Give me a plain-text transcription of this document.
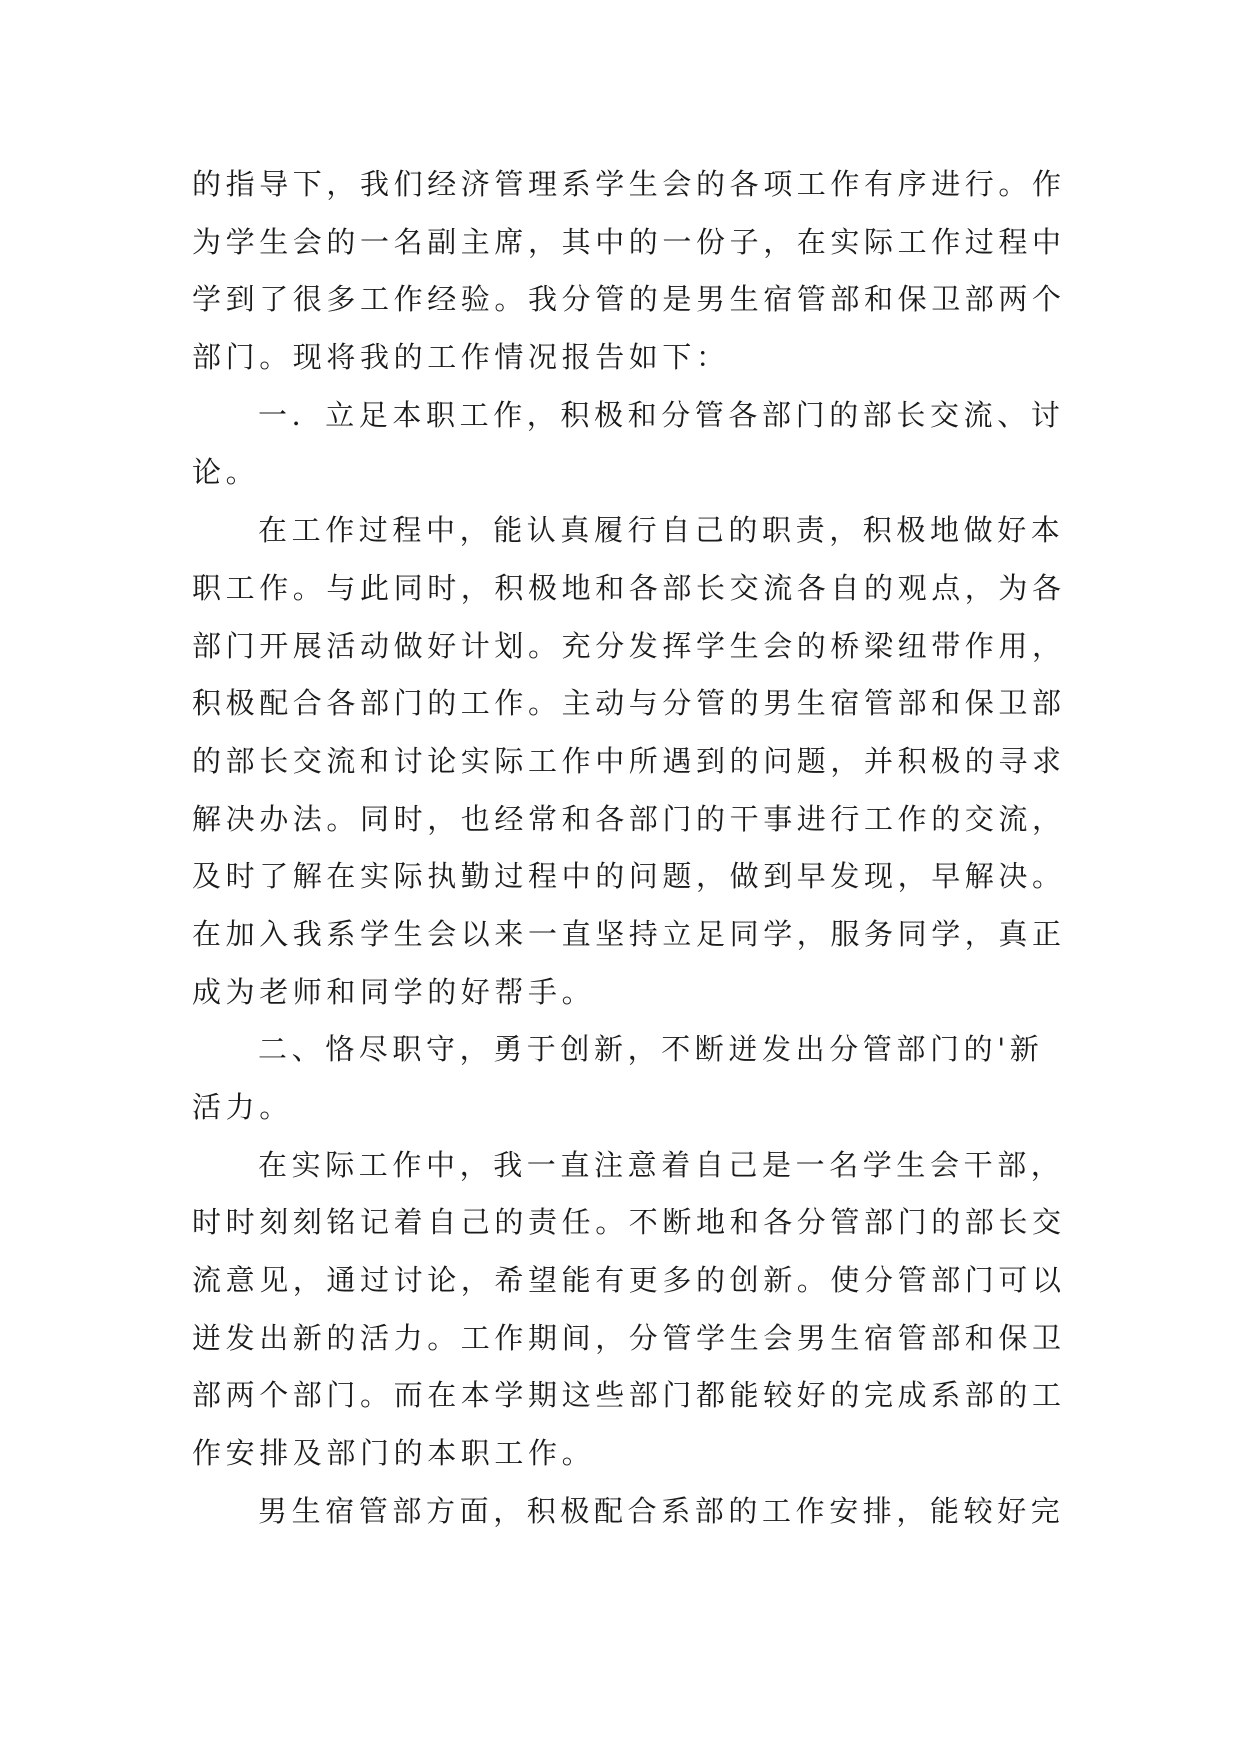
的指导下，我们经济管理系学生会的各项工作有序进行。作
为学生会的一名副主席，其中的一份子，在实际工作过程中
学到了很多工作经验。我分管的是男生宿管部和保卫部两个
部门。现将我的工作情况报告如下：
一．立足本职工作，积极和分管各部门的部长交流、讨
论。
在工作过程中，能认真履行自己的职责，积极地做好本
职工作。与此同时，积极地和各部长交流各自的观点，为各
部门开展活动做好计划。充分发挥学生会的桥梁纽带作用，
积极配合各部门的工作。主动与分管的男生宿管部和保卫部
的部长交流和讨论实际工作中所遇到的问题，并积极的寻求
解决办法。同时，也经常和各部门的干事进行工作的交流，
及时了解在实际执勤过程中的问题，做到早发现，早解决。
在加入我系学生会以来一直坚持立足同学，服务同学，真正
成为老师和同学的好帮手。
二、恪尽职守，勇于创新，不断迸发出分管部门的'新
活力。
在实际工作中，我一直注意着自己是一名学生会干部，
时时刻刻铭记着自己的责任。不断地和各分管部门的部长交
流意见，通过讨论，希望能有更多的创新。使分管部门可以
迸发出新的活力。工作期间，分管学生会男生宿管部和保卫
部两个部门。而在本学期这些部门都能较好的完成系部的工
作安排及部门的本职工作。
男生宿管部方面，积极配合系部的工作安排，能较好完
